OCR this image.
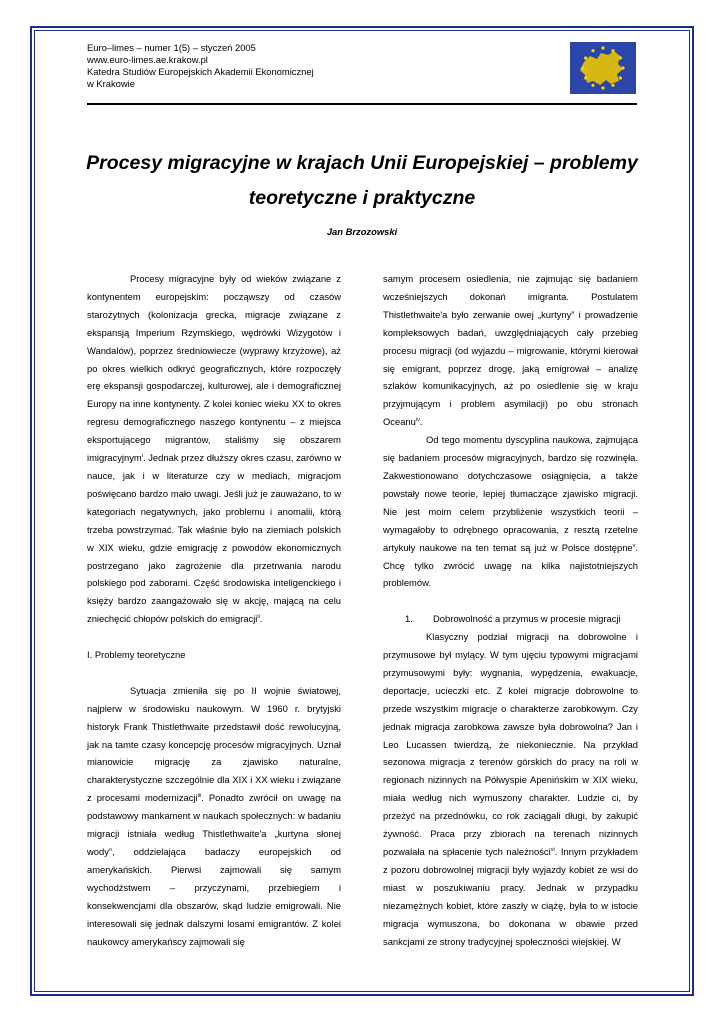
Euro–limes – numer 1(5) – styczeń 2005
www.euro-limes.ae.krakow.pl
Katedra Studiów Europejskich Akademii Ekonomicznej
w Krakowie
Procesy migracyjne w krajach Unii Europejskiej – problemy
teoretyczne i praktyczne
Jan Brzozowski

Procesy migracyjne były od wieków związane z kontynentem europejskim: począwszy od czasów starożytnych (kolonizacja grecka, migracje związane z ekspansją Imperium Rzymskiego, wędrówki Wizygotów i Wandalów), poprzez średniowiecze (wyprawy krzyżowe), aż po okres wielkich odkryć geograficznych, które rozpoczęły erę ekspansji gospodarczej, kulturowej, ale i demograficznej Europy na inne kontynenty. Z kolei koniec wieku XX to okres regresu demograficznego naszego kontynentu – z miejsca eksportującego migrantów, staliśmy się obszarem imigracyjnym$^i$. Jednak przez dłuższy okres czasu, zarówno w nauce, jak i w literaturze czy w mediach, migracjom poświęcano bardzo mało uwagi. Jeśli już je zauważano, to w kategoriach negatywnych, jako problemu i anomalii, którą trzeba powstrzymać. Tak właśnie było na ziemiach polskich w XIX wieku, gdzie emigrację z powodów ekonomicznych postrzegano jako zagrożenie dla przetrwania narodu polskiego pod zaborami. Część środowiska inteligenckiego i księży bardzo zaangażowało się w akcję, mającą na celu zniechęcić chłopów polskich do emigracji$^{ii}$.

I. Problemy teoretyczne

Sytuacja zmieniła się po II wojnie światowej, najpierw w środowisku naukowym. W 1960 r. brytyjski historyk Frank Thistlethwaite przedstawił dość rewolucyjną, jak na tamte czasy koncepcję procesów migracyjnych. Uznał mianowicie migrację za zjawisko naturalne, charakterystyczne szczególnie dla XIX i XX wieku i związane z procesami modernizacji$^{iii}$. Ponadto zwrócił on uwagę na podstawowy mankament w naukach społecznych: w badaniu migracji istniała według Thistlethwaite'a „kurtyna słonej wody”, oddzielająca badaczy europejskich od amerykańskich. Pierwsi zajmowali się samym wychodźstwem – przyczynami, przebiegiem i konsekwencjami dla obszarów, skąd ludzie emigrowali. Nie interesowali się jednak dalszymi losami emigrantów. Z kolei naukowcy amerykańscy zajmowali się

samym procesem osiedlenia, nie zajmując się badaniem wcześniejszych dokonań imigranta. Postulatem Thistlethwaite'a było zerwanie owej „kurtyny” i prowadzenie kompleksowych badań, uwzględniających cały przebieg procesu migracji (od wyjazdu – migrowanie, którymi kierował się emigrant, poprzez drogę, jaką emigrował – analizę szlaków komunikacyjnych, aż po osiedlenie się w kraju przyjmującym i problem asymilacji) po obu stronach Oceanu$^{iv}$.

Od tego momentu dyscyplina naukowa, zajmująca się badaniem procesów migracyjnych, bardzo się rozwinęła. Zakwestionowano dotychczasowe osiągnięcia, a także powstały nowe teorie, lepiej tłumaczące zjawisko migracji. Nie jest moim celem przybliżenie wszystkich teorii – wymagałoby to odrębnego opracowania, z resztą rzetelne artykuły naukowe na ten temat są już w Polsce dostępne$^v$. Chcę tylko zwrócić uwagę na kilka najistotniejszych problemów.

1.	Dobrowolność a przymus w procesie migracji

Klasyczny podział migracji na dobrowolne i przymusowe był mylący. W tym ujęciu typowymi migracjami przymusowymi były: wygnania, wypędzenia, ewakuacje, deportacje, ucieczki etc. Z kolei migracje dobrowolne to przede wszystkim migracje o charakterze zarobkowym. Czy jednak migracja zarobkowa zawsze była dobrowolna? Jan i Leo Lucassen twierdzą, że niekoniecznie. Na przykład sezonowa migracja z terenów górskich do pracy na roli w regionach nizinnych na Półwyspie Apenińskim w XIX wieku, miała według nich wymuszony charakter. Ludzie ci, by przeżyć na przednówku, co rok zaciągali długi, by zakupić żywność. Praca przy zbiorach na terenach nizinnych pozwalała na spłacenie tych należności$^{vi}$. Innym przykładem z pozoru dobrowolnej migracji były wyjazdy kobiet ze wsi do miast w poszukiwaniu pracy. Jednak w przypadku niezamężnych kobiet, które zaszły w ciążę, była to w istocie migracja wymuszona, bo dokonana w obawie przed sankcjami ze strony tradycyjnej społeczności wiejskiej. W
